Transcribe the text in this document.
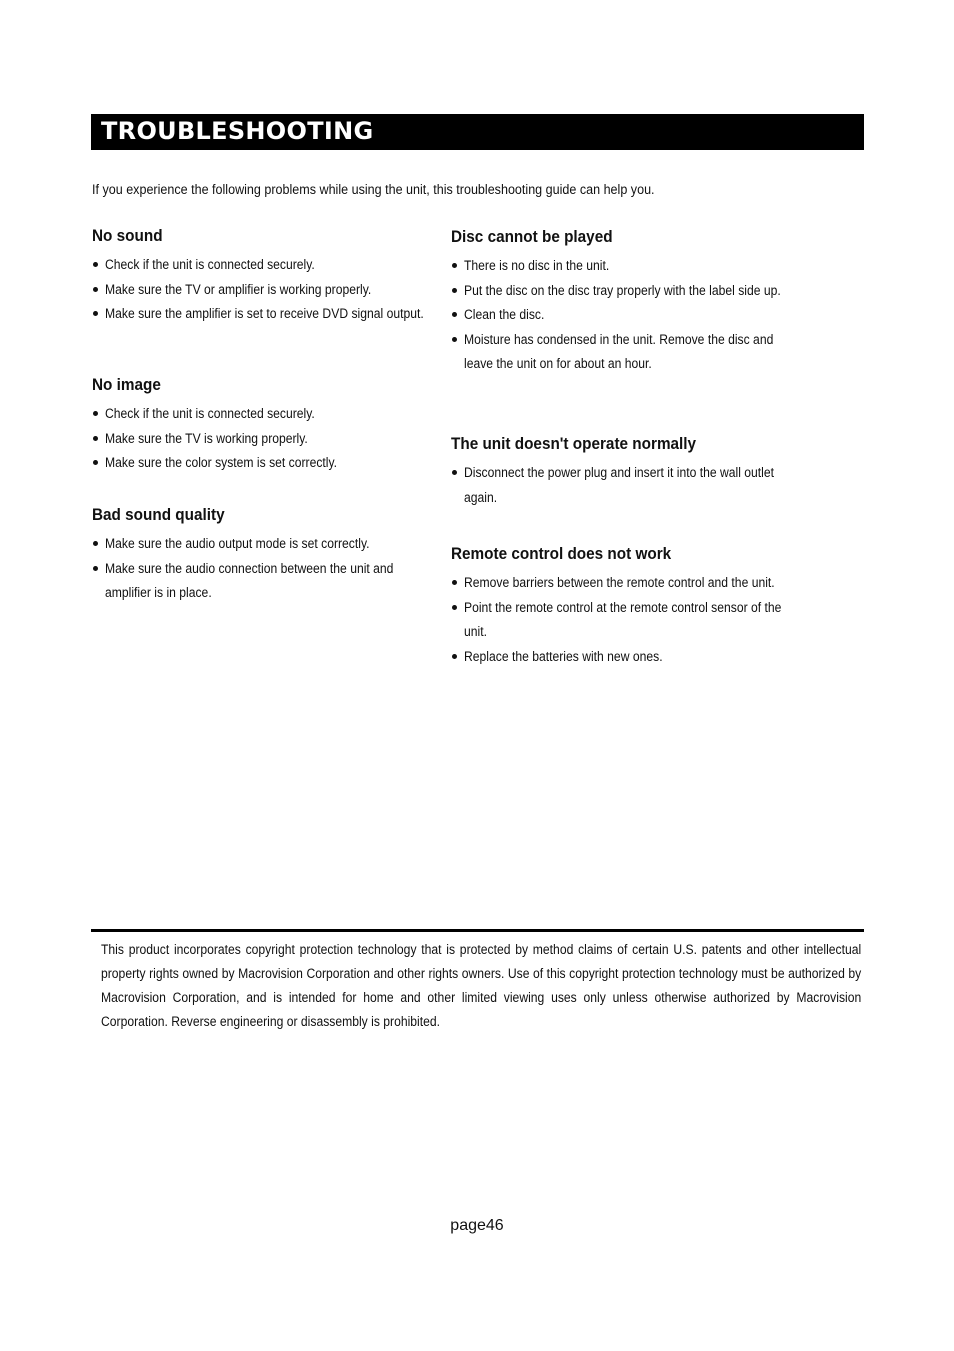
TROUBLESHOOTING
If you experience the following problems while using the unit, this troubleshooting guide can help you.
No sound
Check if the unit is connected securely.
Make sure the TV or amplifier is working properly.
Make sure the amplifier is set to receive DVD signal output.
No image
Check if the unit is connected securely.
Make sure the TV is working properly.
Make sure the color system is set correctly.
Bad sound quality
Make sure the audio output mode is set correctly.
Make sure the audio connection between the unit and amplifier is in place.
Disc cannot be played
There is no disc in the unit.
Put the disc on the disc tray properly with the label side up.
Clean the disc.
Moisture has condensed in the unit. Remove the disc and leave the unit on for about an hour.
The unit doesn't operate normally
Disconnect the power plug and insert it into the wall outlet again.
Remote control does not work
Remove barriers between the remote control and the unit.
Point the remote control at the remote control sensor of the unit.
Replace the batteries with new ones.
This product incorporates copyright protection technology that is protected by method claims of certain U.S. patents and other intellectual property rights owned by Macrovision Corporation and other rights owners. Use of this copyright protection technology must be authorized by Macrovision Corporation, and is intended for home and other limited viewing uses only unless otherwise authorized by Macrovision Corporation. Reverse engineering or disassembly is prohibited.
page46
